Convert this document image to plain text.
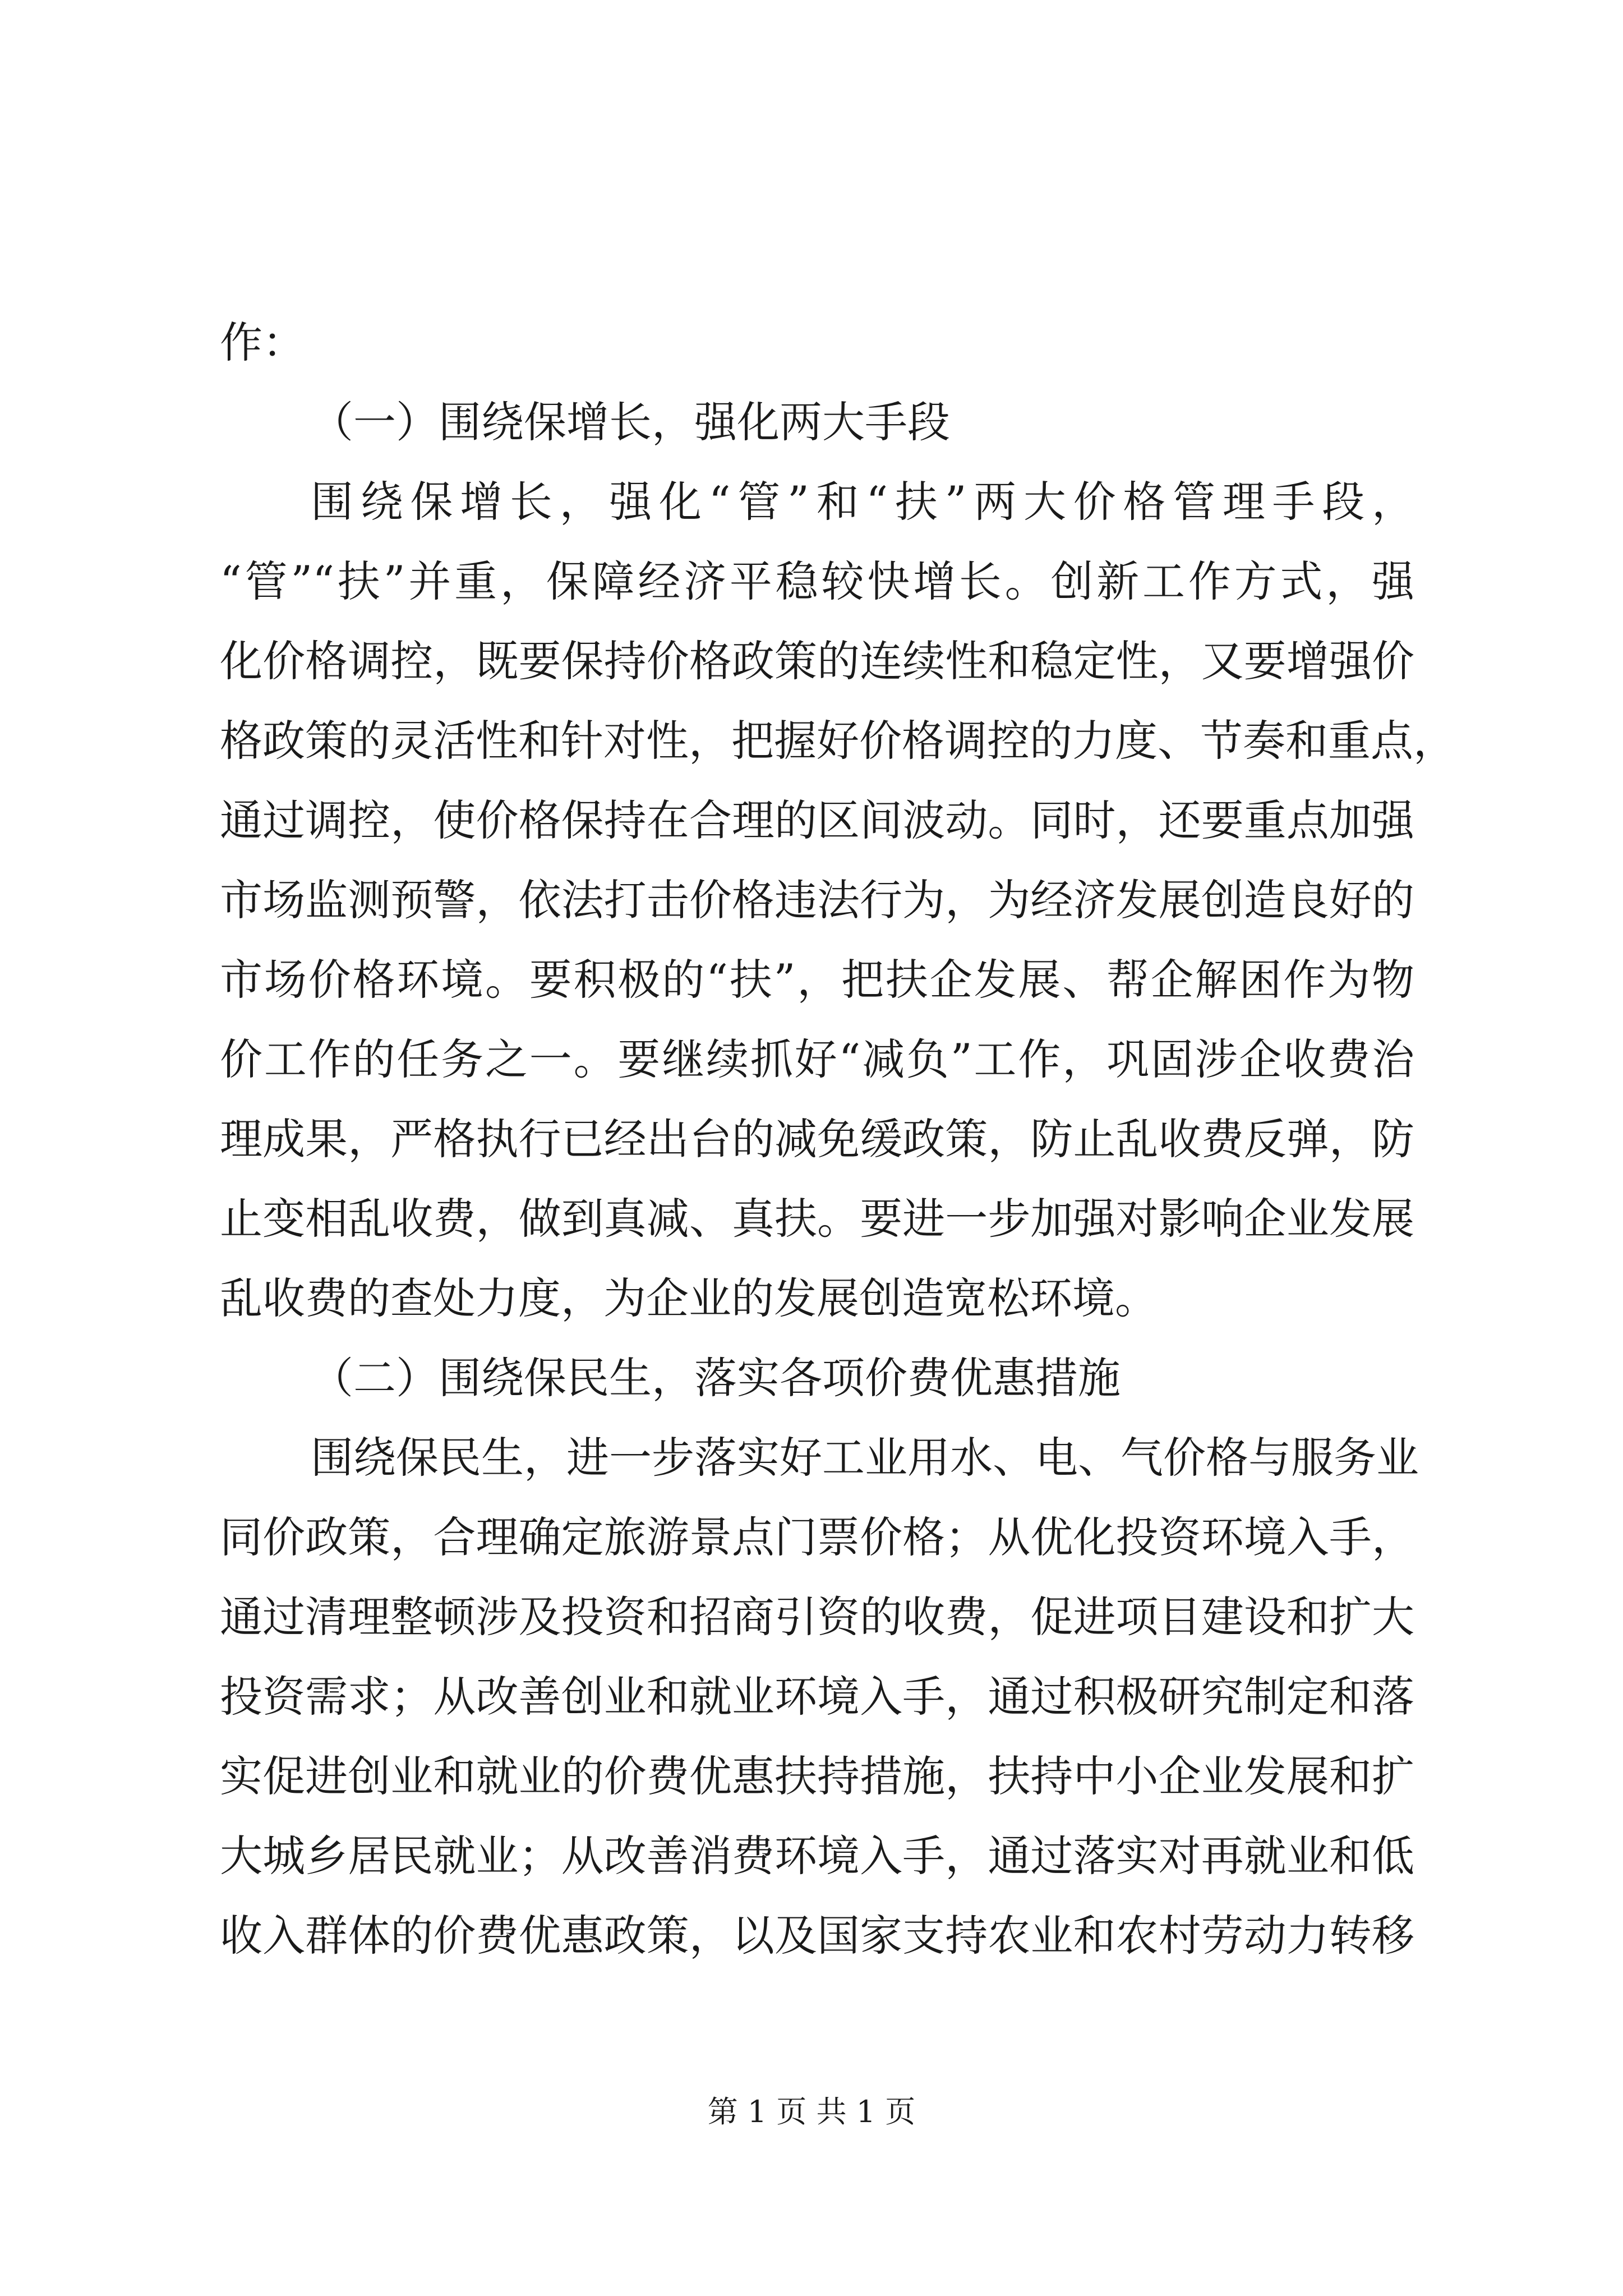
作：
（一）围绕保增长，强化两大手段
围绕保增长，强化“管”和“扶”两大价格管理手段，
“管”“扶”并重，保障经济平稳较快增长。创新工作方式，强
化价格调控，既要保持价格政策的连续性和稳定性，又要增强价
格政策的灵活性和针对性，把握好价格调控的力度、节奏和重点，
通过调控，使价格保持在合理的区间波动。同时，还要重点加强
市场监测预警，依法打击价格违法行为，为经济发展创造良好的
市场价格环境。要积极的“扶”，把扶企发展、帮企解困作为物
价工作的任务之一。要继续抓好“减负”工作，巩固涉企收费治
理成果，严格执行已经出台的减免缓政策，防止乱收费反弹，防
止变相乱收费，做到真减、真扶。要进一步加强对影响企业发展
乱收费的查处力度，为企业的发展创造宽松环境。
（二）围绕保民生，落实各项价费优惠措施
围绕保民生，进一步落实好工业用水、电、气价格与服务业
同价政策，合理确定旅游景点门票价格；从优化投资环境入手，
通过清理整顿涉及投资和招商引资的收费，促进项目建设和扩大
投资需求；从改善创业和就业环境入手，通过积极研究制定和落
实促进创业和就业的价费优惠扶持措施，扶持中小企业发展和扩
大城乡居民就业；从改善消费环境入手，通过落实对再就业和低
收入群体的价费优惠政策，以及国家支持农业和农村劳动力转移
第 1 页 共 1 页
